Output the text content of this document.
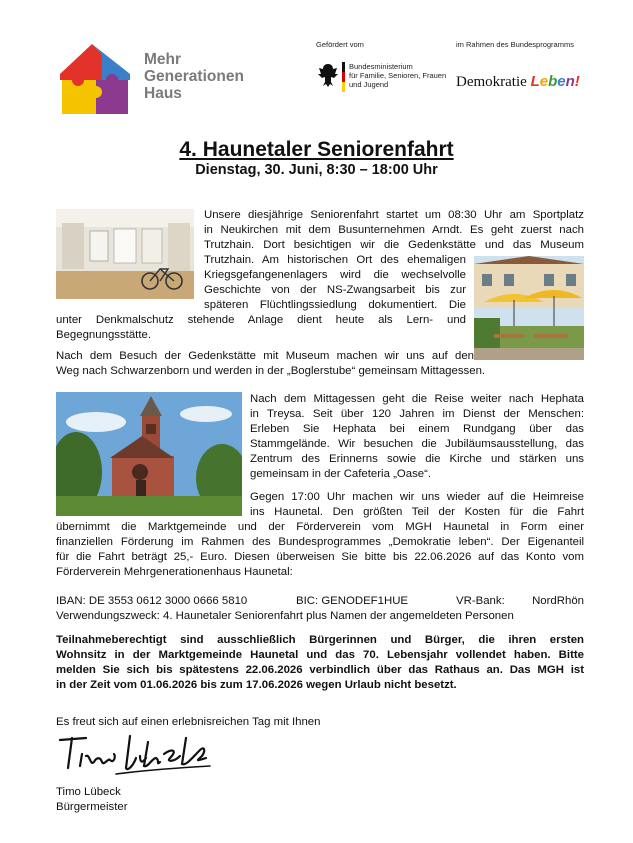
Mehr
Generationen
Haus
Gefördert vom
Bundesministerium
für Familie, Senioren, Frauen
und Jugend
im Rahmen des Bundesprogramms
Demokratie Leben!
4. Haunetaler Seniorenfahrt
Dienstag, 30. Juni, 8:30 – 18:00 Uhr
Unsere diesjährige Seniorenfahrt startet um 08:30 Uhr am Sportplatz
in Neukirchen mit dem Busunternehmen Arndt. Es geht zuerst nach
Trutzhain. Dort besichtigen wir die Gedenkstätte und das Museum
Trutzhain. Am historischen Ort des ehemaligen
Kriegsgefangenenlagers wird die wechselvolle
Geschichte von der NS-Zwangsarbeit bis zur
späteren Flüchtlingssiedlung dokumentiert. Die
unter Denkmalschutz stehende Anlage dient heute als Lern- und
Begegnungsstätte.
Nach dem Besuch der Gedenkstätte mit Museum machen wir uns auf den
Weg nach Schwarzenborn und werden in der „Boglerstube“ gemeinsam Mittagessen.
Nach dem Mittagessen geht die Reise weiter nach Hephata
in Treysa. Seit über 120 Jahren im Dienst der Menschen:
Erleben Sie Hephata bei einem Rundgang über das
Stammgelände. Wir besuchen die Jubiläumsausstellung, das
Zentrum des Erinnerns sowie die Kirche und stärken uns
gemeinsam in der Cafeteria „Oase“.
Gegen 17:00 Uhr machen wir uns wieder auf die Heimreise
ins Haunetal. Den größten Teil der Kosten für die Fahrt
übernimmt die Marktgemeinde und der Förderverein vom MGH Haunetal in Form einer
finanziellen Förderung im Rahmen des Bundesprogrammes „Demokratie leben“. Der Eigenanteil
für die Fahrt beträgt 25,- Euro. Diesen überweisen Sie bitte bis 22.06.2026 auf das Konto vom
Förderverein Mehrgenerationenhaus Haunetal:
IBAN: DE 3553 0612 3000 0666 5810	BIC: GENODEF1HUE	VR-Bank: NordRhön
Verwendungszweck: 4. Haunetaler Seniorenfahrt plus Namen der angemeldeten Personen
Teilnahmeberechtigt sind ausschließlich Bürgerinnen und Bürger, die ihren ersten
Wohnsitz in der Marktgemeinde Haunetal und das 70. Lebensjahr vollendet haben. Bitte
melden Sie sich bis spätestens 22.06.2026 verbindlich über das Rathaus an. Das MGH ist
in der Zeit vom 01.06.2026 bis zum 17.06.2026 wegen Urlaub nicht besetzt.
Es freut sich auf einen erlebnisreichen Tag mit Ihnen
Timo Lübeck
Bürgermeister
